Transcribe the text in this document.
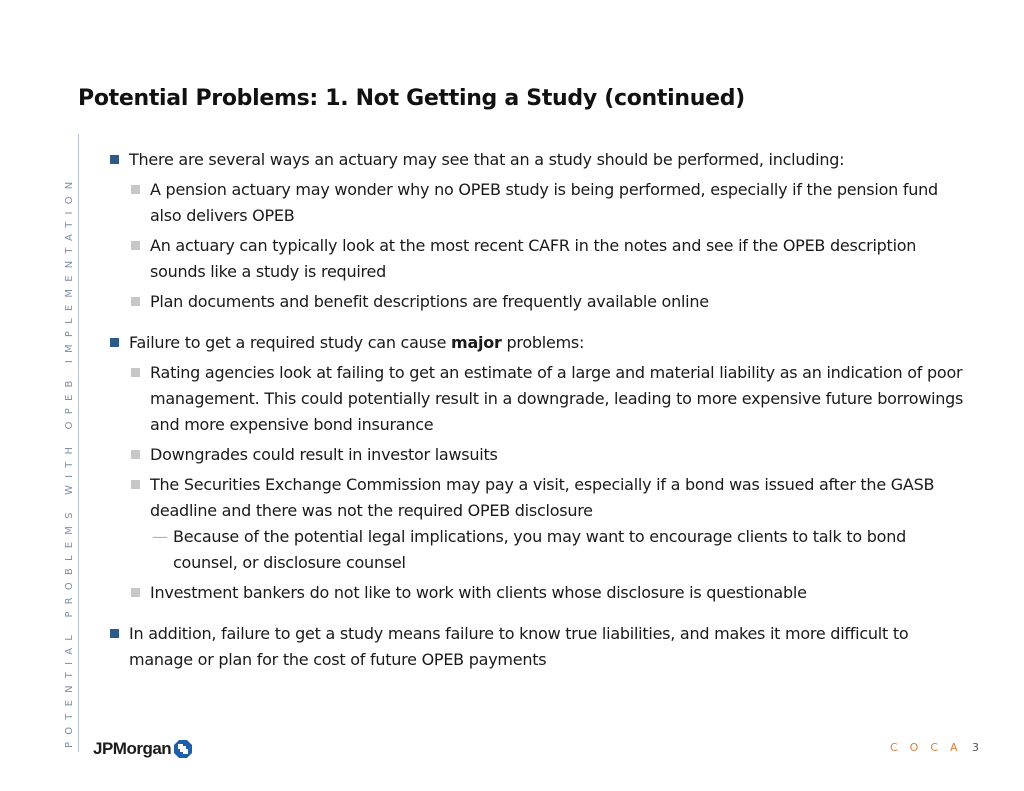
Potential Problems: 1. Not Getting a Study (continued)
POTENTIAL PROBLEMS WITH OPEB IMPLEMENTATION
There are several ways an actuary may see that an a study should be performed, including:
A pension actuary may wonder why no OPEB study is being performed, especially if the pension fund also delivers OPEB
An actuary can typically look at the most recent CAFR in the notes and see if the OPEB description sounds like a study is required
Plan documents and benefit descriptions are frequently available online
Failure to get a required study can cause major problems:
Rating agencies look at failing to get an estimate of a large and material liability as an indication of poor management. This could potentially result in a downgrade, leading to more expensive future borrowings and more expensive bond insurance
Downgrades could result in investor lawsuits
The Securities Exchange Commission may pay a visit, especially if a bond was issued after the GASB deadline and there was not the required OPEB disclosure
— Because of the potential legal implications, you may want to encourage clients to talk to bond counsel, or disclosure counsel
Investment bankers do not like to work with clients whose disclosure is questionable
In addition, failure to get a study means failure to know true liabilities, and makes it more difficult to manage or plan for the cost of future OPEB payments
JPMorgan	COCA 3
